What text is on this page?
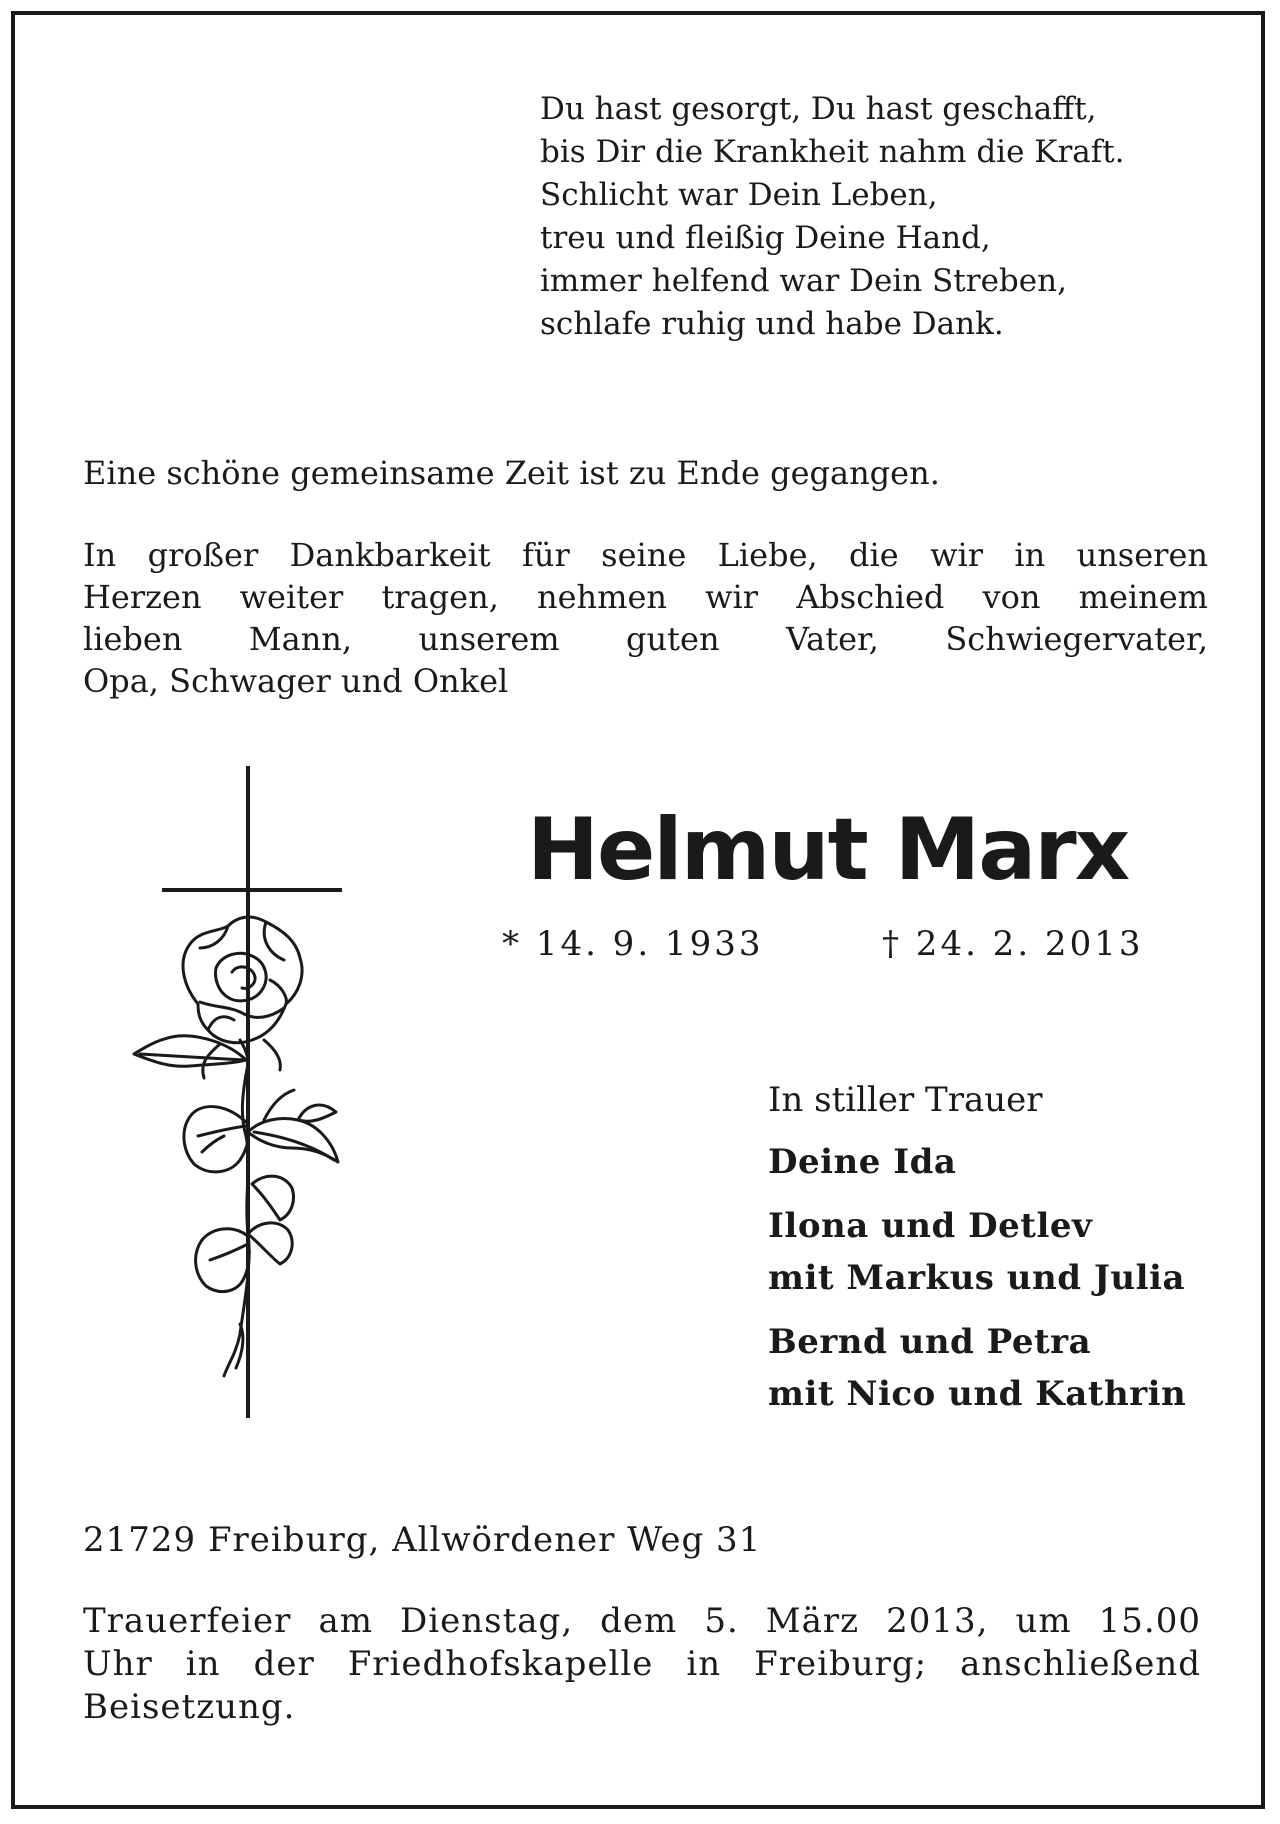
Du hast gesorgt, Du hast geschafft,
bis Dir die Krankheit nahm die Kraft.
Schlicht war Dein Leben,
treu und fleißig Deine Hand,
immer helfend war Dein Streben,
schlafe ruhig und habe Dank.
Eine schöne gemeinsame Zeit ist zu Ende gegangen.
In großer Dankbarkeit für seine Liebe, die wir in unseren
Herzen weiter tragen, nehmen wir Abschied von meinem
lieben Mann, unserem guten Vater, Schwiegervater,
Opa, Schwager und Onkel
Helmut Marx
* 14. 9. 1933	† 24. 2. 2013
In stiller Trauer
Deine Ida
Ilona und Detlev
mit Markus und Julia
Bernd und Petra
mit Nico und Kathrin
21729 Freiburg, Allwördener Weg 31
Trauerfeier am Dienstag, dem 5. März 2013, um 15.00
Uhr in der Friedhofskapelle in Freiburg; anschließend
Beisetzung.
